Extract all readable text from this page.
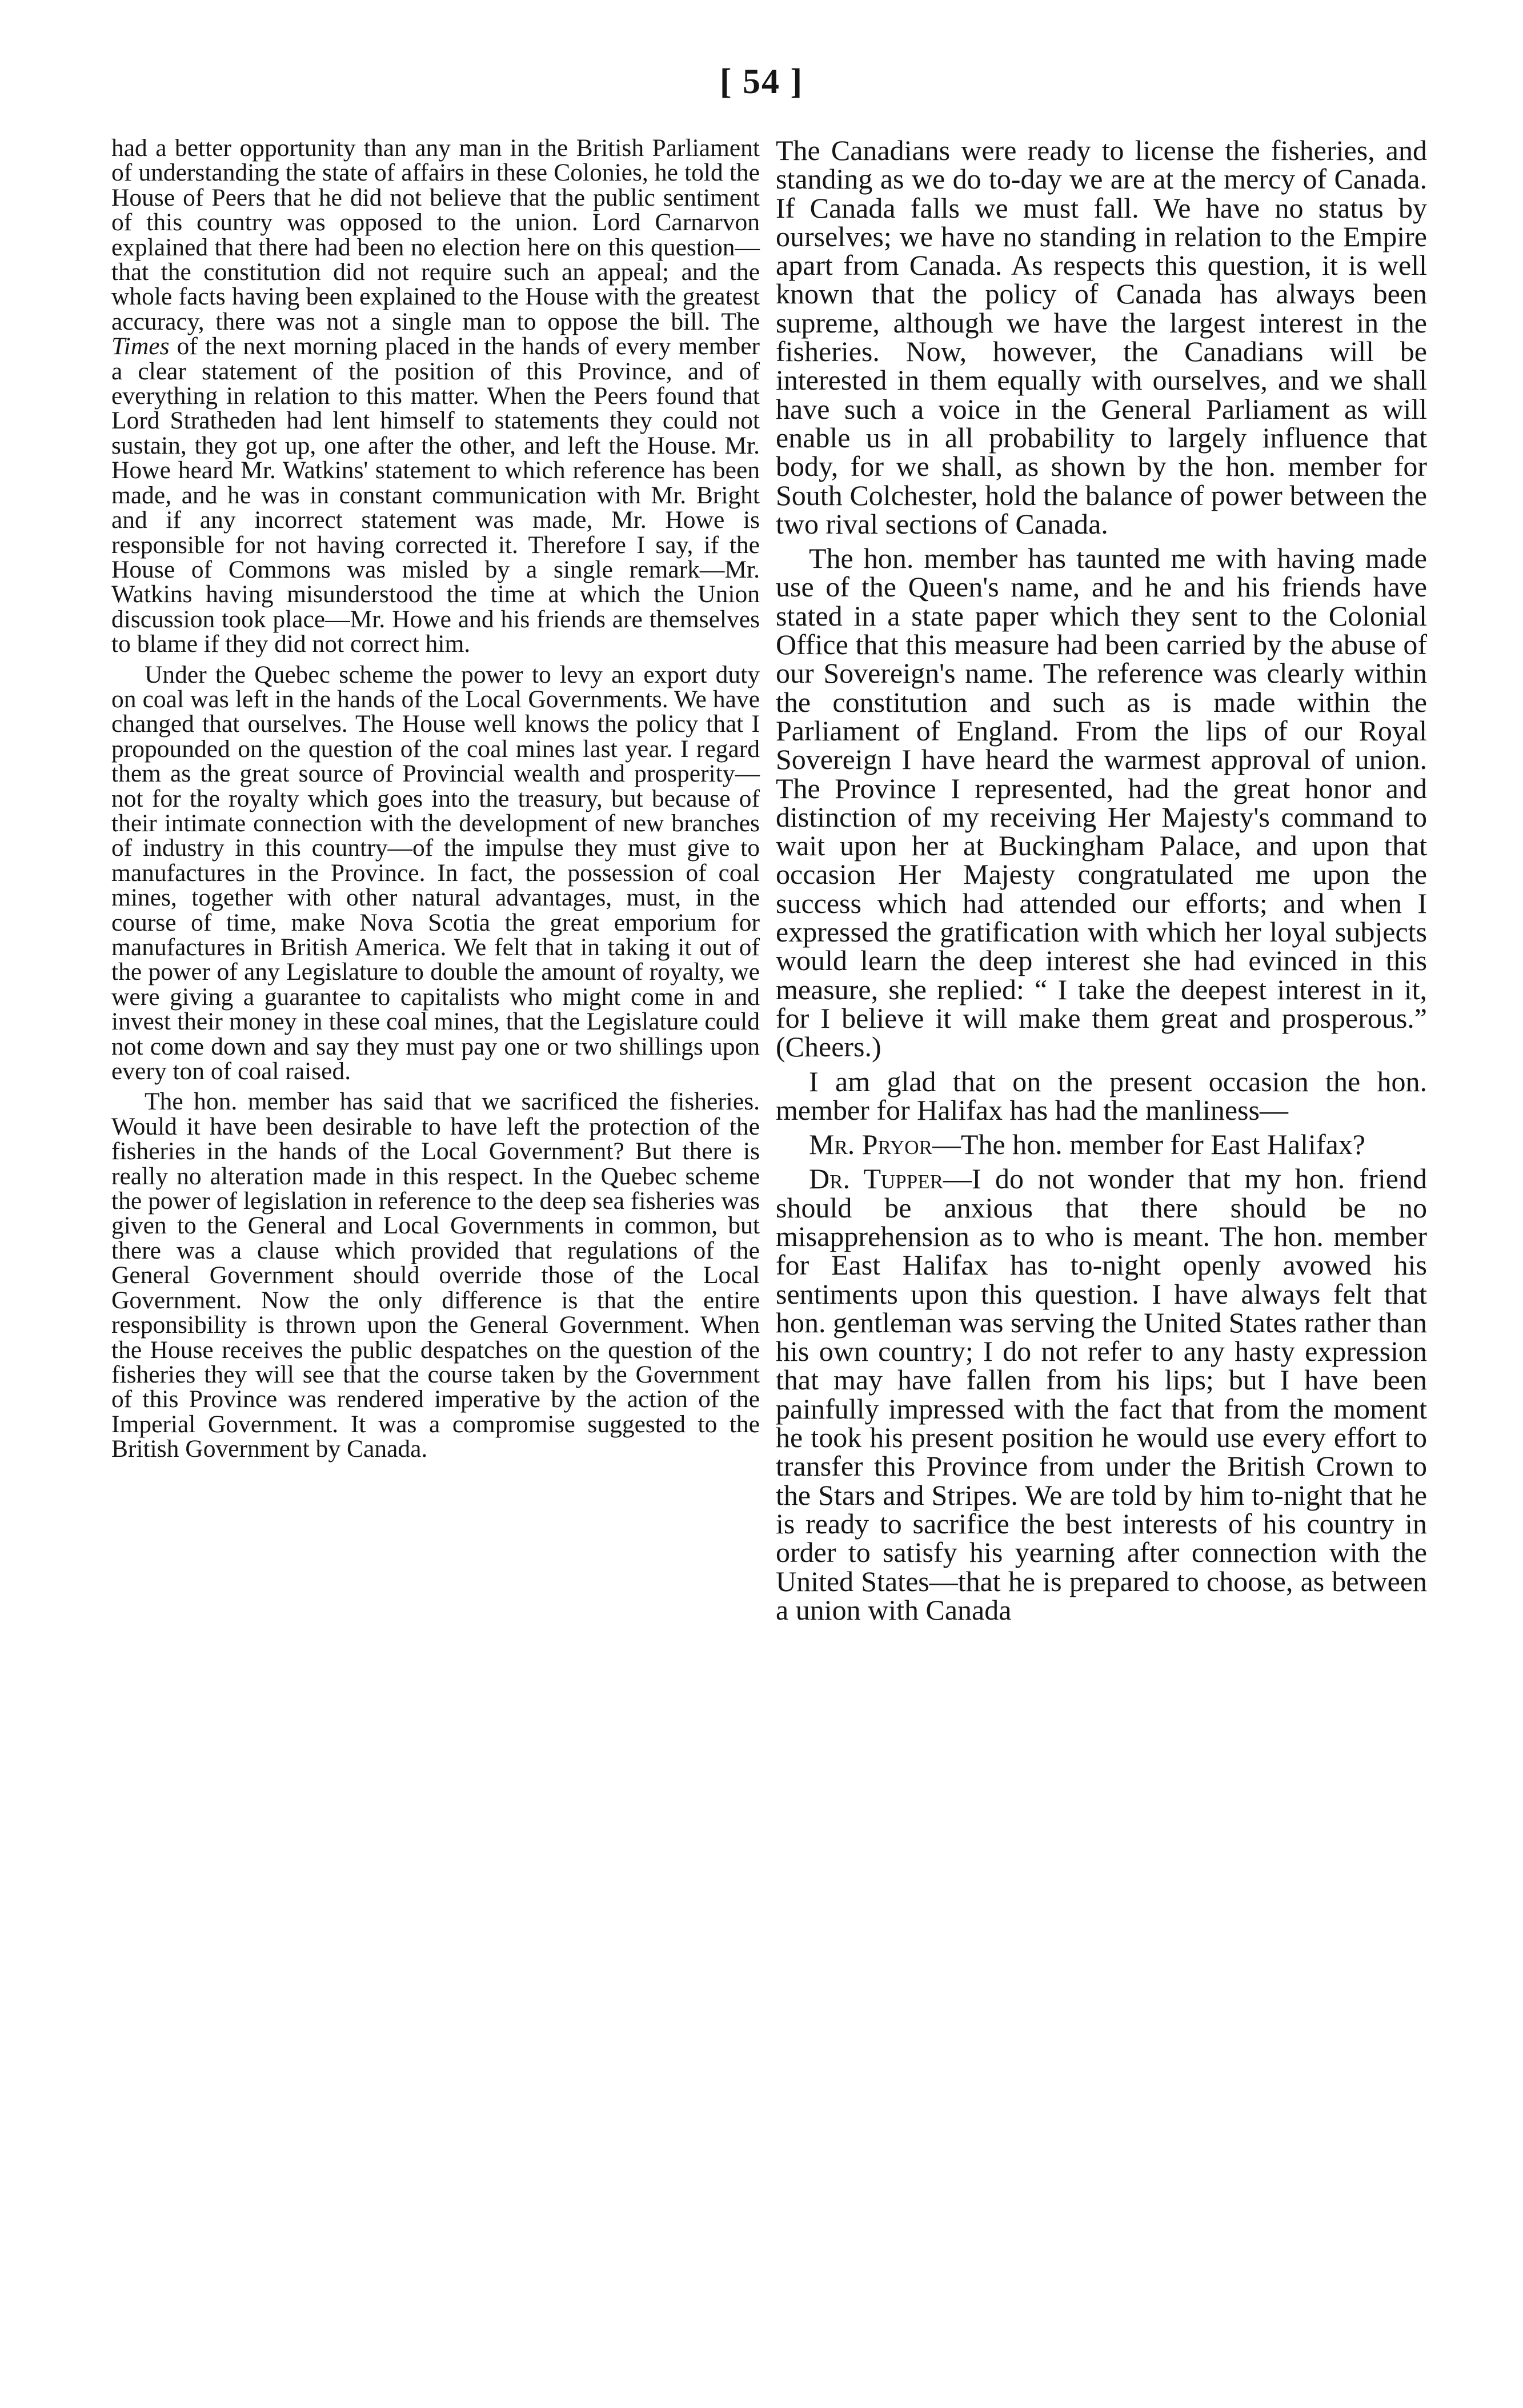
[ 54 ]

had a better opportunity than any man in the British Parliament of understanding the state of affairs in these Colonies, he told the House of Peers that he did not believe that the public sentiment of this country was opposed to the union. Lord Carnarvon explained that there had been no election here on this question—that the constitution did not require such an appeal; and the whole facts having been explained to the House with the greatest accuracy, there was not a single man to oppose the bill. The Times of the next morning placed in the hands of every member a clear statement of the position of this Province, and of everything in relation to this matter. When the Peers found that Lord Stratheden had lent himself to statements they could not sustain, they got up, one after the other, and left the House. Mr. Howe heard Mr. Watkins' statement to which reference has been made, and he was in constant communication with Mr. Bright and if any incorrect statement was made, Mr. Howe is responsible for not having corrected it. Therefore I say, if the House of Commons was misled by a single remark—Mr. Watkins having misunderstood the time at which the Union discussion took place—Mr. Howe and his friends are themselves to blame if they did not correct him.

Under the Quebec scheme the power to levy an export duty on coal was left in the hands of the Local Governments. We have changed that ourselves. The House well knows the policy that I propounded on the question of the coal mines last year. I regard them as the great source of Provincial wealth and prosperity—not for the royalty which goes into the treasury, but because of their intimate connection with the development of new branches of industry in this country—of the impulse they must give to manufactures in the Province. In fact, the possession of coal mines, together with other natural advantages, must, in the course of time, make Nova Scotia the great emporium for manufactures in British America. We felt that in taking it out of the power of any Legislature to double the amount of royalty, we were giving a guarantee to capitalists who might come in and invest their money in these coal mines, that the Legislature could not come down and say they must pay one or two shillings upon every ton of coal raised.

The hon. member has said that we sacrificed the fisheries. Would it have been desirable to have left the protection of the fisheries in the hands of the Local Government? But there is really no alteration made in this respect. In the Quebec scheme the power of legislation in reference to the deep sea fisheries was given to the General and Local Governments in common, but there was a clause which provided that regulations of the General Government should override those of the Local Government. Now the only difference is that the entire responsibility is thrown upon the General Government. When the House receives the public despatches on the question of the fisheries they will see that the course taken by the Government of this Province was rendered imperative by the action of the Imperial Government. It was a compromise suggested to the British Government by Canada.

The Canadians were ready to license the fisheries, and standing as we do to-day we are at the mercy of Canada. If Canada falls we must fall. We have no status by ourselves; we have no standing in relation to the Empire apart from Canada. As respects this question, it is well known that the policy of Canada has always been supreme, although we have the largest interest in the fisheries. Now, however, the Canadians will be interested in them equally with ourselves, and we shall have such a voice in the General Parliament as will enable us in all probability to largely influence that body, for we shall, as shown by the hon. member for South Colchester, hold the balance of power between the two rival sections of Canada.

The hon. member has taunted me with having made use of the Queen's name, and he and his friends have stated in a state paper which they sent to the Colonial Office that this measure had been carried by the abuse of our Sovereign's name. The reference was clearly within the constitution and such as is made within the Parliament of England. From the lips of our Royal Sovereign I have heard the warmest approval of union. The Province I represented, had the great honor and distinction of my receiving Her Majesty's command to wait upon her at Buckingham Palace, and upon that occasion Her Majesty congratulated me upon the success which had attended our efforts; and when I expressed the gratification with which her loyal subjects would learn the deep interest she had evinced in this measure, she replied: “ I take the deepest interest in it, for I believe it will make them great and prosperous.” (Cheers.)

I am glad that on the present occasion the hon. member for Halifax has had the manliness—

Mr. Pryor—The hon. member for East Halifax?

Dr. Tupper—I do not wonder that my hon. friend should be anxious that there should be no misapprehension as to who is meant. The hon. member for East Halifax has to-night openly avowed his sentiments upon this question. I have always felt that hon. gentleman was serving the United States rather than his own country; I do not refer to any hasty expression that may have fallen from his lips; but I have been painfully impressed with the fact that from the moment he took his present position he would use every effort to transfer this Province from under the British Crown to the Stars and Stripes. We are told by him to-night that he is ready to sacrifice the best interests of his country in order to satisfy his yearning after connection with the United States—that he is prepared to choose, as between a union with Canada
